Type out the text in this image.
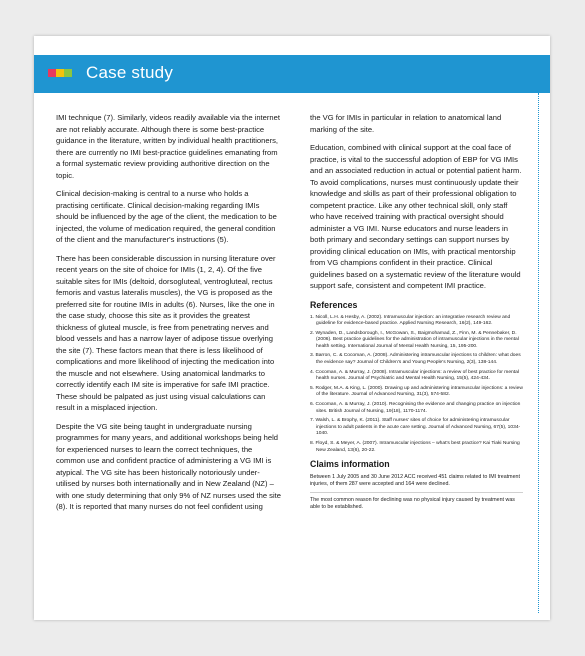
Case study

IMI technique (7). Similarly, videos readily available via the internet are not reliably accurate. Although there is some best-practice guidance in the literature, written by individual health practitioners, there are currently no IMI best-practice guidelines emanating from a formal systematic review providing authoritive direction on the topic.

Clinical decision-making is central to a nurse who holds a practising certificate. Clinical decision-making regarding IMIs should be influenced by the age of the client, the medication to be injected, the volume of medication required, the general condition of the client and the manufacturer's instructions (5).

There has been considerable discussion in nursing literature over recent years on the site of choice for IMIs (1, 2, 4). Of the five suitable sites for IMIs (deltoid, dorsogluteal, ventrogluteal, rectus femoris and vastus lateralis muscles), the VG is proposed as the preferred site for routine IMIs in adults (6). Nurses, like the one in the case study, choose this site as it provides the greatest thickness of gluteal muscle, is free from penetrating nerves and blood vessels and has a narrow layer of adipose tissue overlying the site (7). These factors mean that there is less likelihood of complications and more likelihood of injecting the medication into the muscle and not elsewhere. Using anatomical landmarks to correctly identify each IM site is imperative for safe IMI practice. These should be palpated as just using visual calculations can result in a misplaced injection.

Despite the VG site being taught in undergraduate nursing programmes for many years, and additional workshops being held for experienced nurses to learn the correct techniques, the common use and confident practice of administering a VG IMI is atypical. The VG site has been historically notoriously under-utilised by nurses both internationally and in New Zealand (NZ) – with one study determining that only 9% of NZ nurses used the site (8). It is reported that many nurses do not feel confident using

the VG for IMIs in particular in relation to anatomical land marking of the site.

Education, combined with clinical support at the coal face of practice, is vital to the successful adoption of EBP for VG IMIs and an associated reduction in actual or potential patient harm. To avoid complications, nurses must continuously update their knowledge and skills as part of their professional obligation to competent practice. Like any other technical skill, only staff who have received training with practical oversight should administer a VG IMI. Nurse educators and nurse leaders in both primary and secondary settings can support nurses by providing clinical education on IMIs, with practical mentorship from VG champions confident in their practice. Clinical guidelines based on a systematic review of the literature would support safe, consistent and competent IMI practice.

References

1. Nicoll, L.H. & Hesby, A. (2002). Intramuscular injection: an integrative research review and guideline for evidence-based practice. Applied Nursing Research, 16(2), 149-162.

2. Wynaden, D., Landsborough, I., McGowan, S., Baigmohamad, Z., Finn, M. & Pennebaker, D. (2006). Best practice guidelines for the administration of intramuscular injections in the mental health setting. International Journal of Mental Health Nursing, 15, 195-200.

3. Barron, C. & Cocoman, A. (2008). Administering intramuscular injections to children: what does the evidence say? Journal of Children's and Young People's Nursing, 2(3), 138-144.

4. Cocoman, A. & Murray, J. (2008). Intramuscular injections: a review of best practice for mental health nurses. Journal of Psychiatric and Mental Health Nursing, 15(5), 424-434.

5. Rodger, M.A. & King, L. (2000). Drawing up and administering intramuscular injections: a review of the literature. Journal of Advanced Nursing, 31(3), 574-582.

6. Cocoman, A. & Murray, J. (2010). Recognising the evidence and changing practice on injection sites. British Journal of Nursing, 19(18), 1170-1174.

7. Walsh, L. & Brophy, K. (2011). Staff nurses' sites of choice for administering intramuscular injections to adult patients in the acute care setting. Journal of Advanced Nursing, 67(5), 1034-1040.

8. Floyd, S. & Meyer, A. (2007). Intramuscular injections – what's best practice? Kai Tiaki Nursing New Zealand, 13(6), 20-22.

Claims information

Between 1 July 2005 and 30 June 2012 ACC received 451 claims related to IMI treatment injuries, of them 287 were accepted and 164 were declined.

The most common reason for declining was no physical injury caused by treatment was able to be established.
